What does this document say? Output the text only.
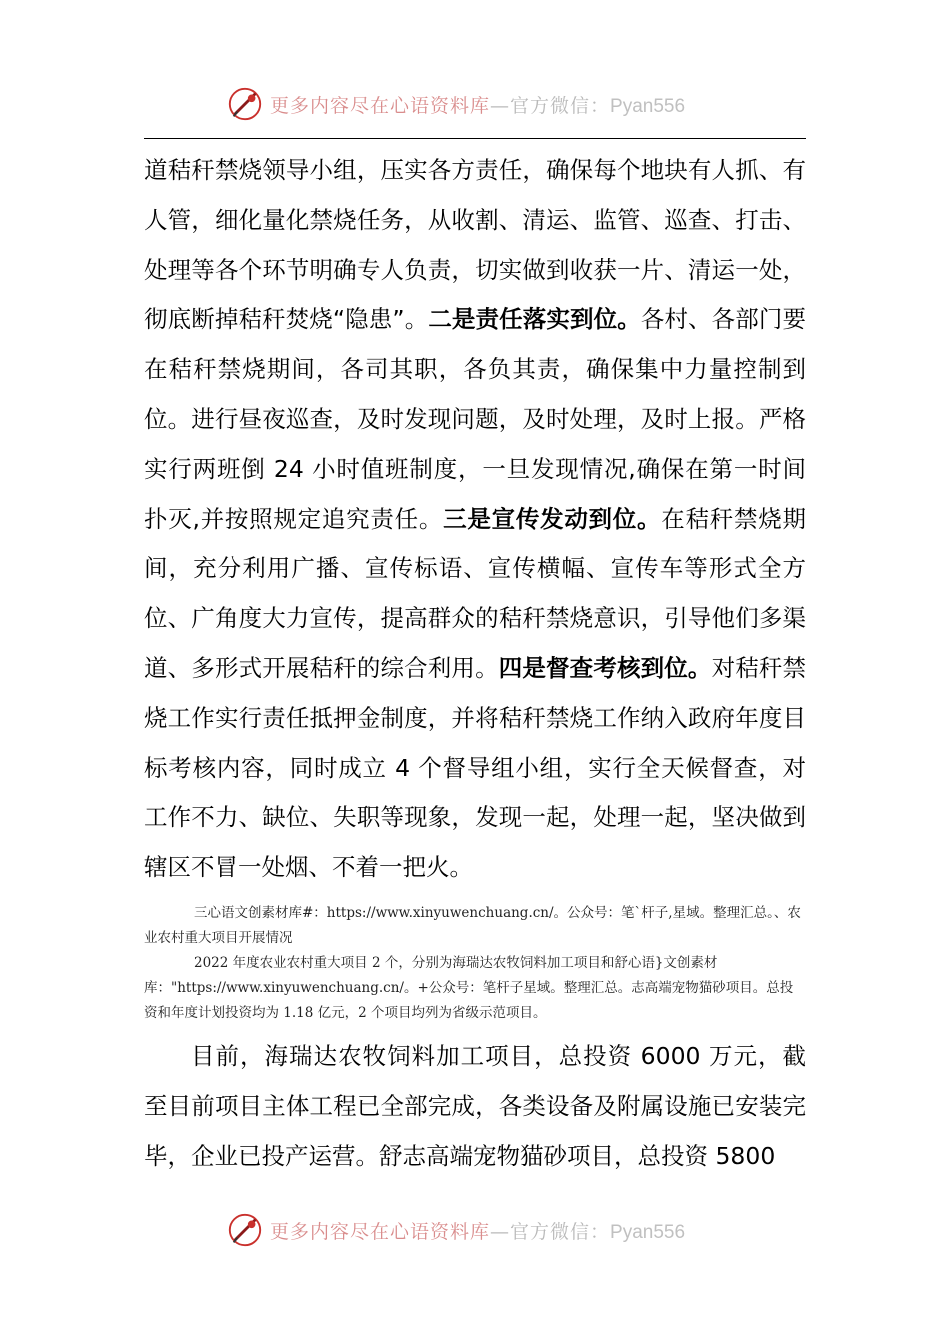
更多内容尽在心语资料库—官方微信：Pyan556

道秸秆禁烧领导小组，压实各方责任，确保每个地块有人抓、有人管，细化量化禁烧任务，从收割、清运、监管、巡查、打击、处理等各个环节明确专人负责，切实做到收获一片、清运一处，彻底断掉秸秆焚烧“隐患”。二是责任落实到位。各村、各部门要在秸秆禁烧期间，各司其职，各负其责，确保集中力量控制到位。进行昼夜巡查，及时发现问题，及时处理，及时上报。严格实行两班倒 24 小时值班制度，一旦发现情况,确保在第一时间扑灭,并按照规定追究责任。三是宣传发动到位。在秸秆禁烧期间，充分利用广播、宣传标语、宣传横幅、宣传车等形式全方位、广角度大力宣传，提高群众的秸秆禁烧意识，引导他们多渠道、多形式开展秸秆的综合利用。四是督查考核到位。对秸秆禁烧工作实行责任抵押金制度，并将秸秆禁烧工作纳入政府年度目标考核内容，同时成立 4 个督导组小组，实行全天候督查，对工作不力、缺位、失职等现象，发现一起，处理一起，坚决做到辖区不冒一处烟、不着一把火。

三心语文创素材库#：https://www.xinyuwenchuang.cn/。公众号：笔`杆子,星域。整理汇总。、农业农村重大项目开展情况

2022 年度农业农村重大项目 2 个，分别为海瑞达农牧饲料加工项目和舒心语}文创素材库："https://www.xinyuwenchuang.cn/。+公众号：笔杆子星域。整理汇总。志高端宠物猫砂项目。总投资和年度计划投资均为 1.18 亿元，2 个项目均列为省级示范项目。

目前，海瑞达农牧饲料加工项目，总投资 6000 万元，截至目前项目主体工程已全部完成，各类设备及附属设施已安装完毕，企业已投产运营。舒志高端宠物猫砂项目，总投资 5800

更多内容尽在心语资料库—官方微信：Pyan556
